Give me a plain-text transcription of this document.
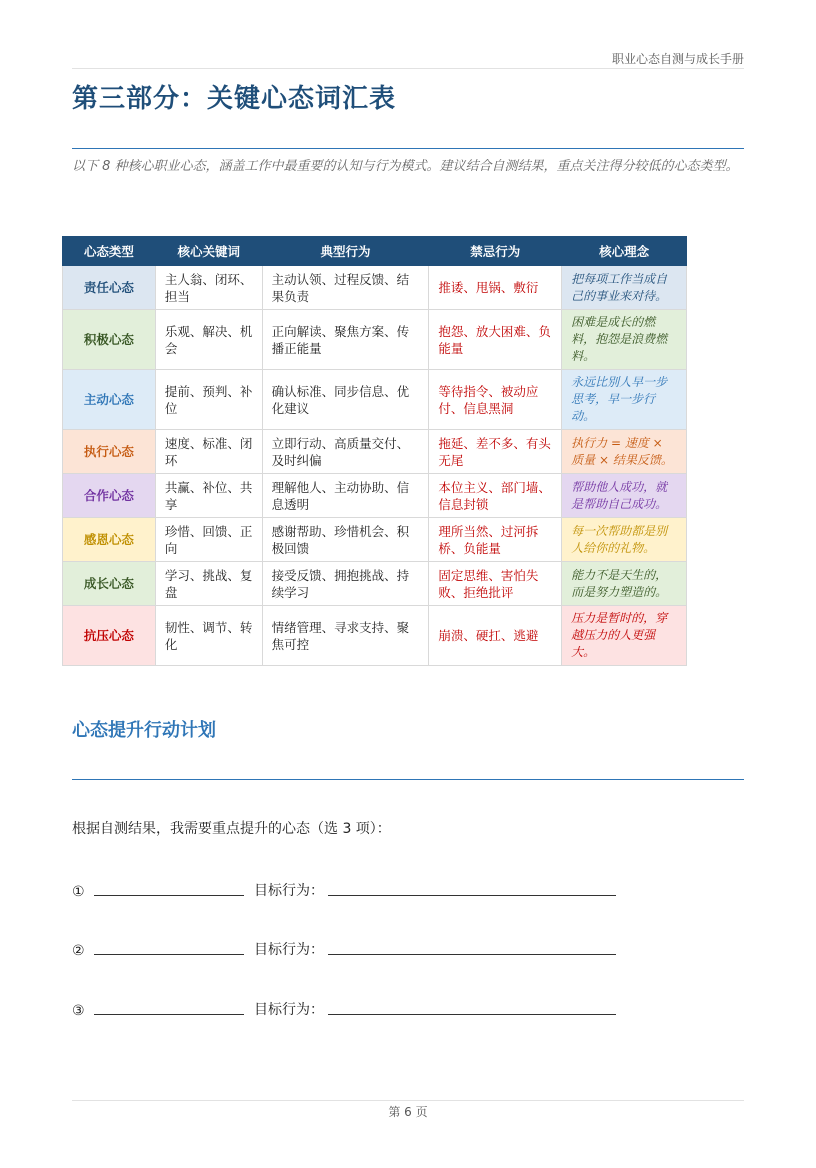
职业心态自测与成长手册
第三部分：关键心态词汇表

以下 8 种核心职业心态，涵盖工作中最重要的认知与行为模式。建议结合自测结果，重点关注得分较低的心态类型。

心态类型	核心关键词	典型行为	禁忌行为	核心理念
责任心态	主人翁、闭环、担当	主动认领、过程反馈、结果负责	推诿、甩锅、敷衍	把每项工作当成自己的事业来对待。
积极心态	乐观、解决、机会	正向解读、聚焦方案、传播正能量	抱怨、放大困难、负能量	困难是成长的燃料，抱怨是浪费燃料。
主动心态	提前、预判、补位	确认标准、同步信息、优化建议	等待指令、被动应付、信息黑洞	永远比别人早一步思考，早一步行动。
执行心态	速度、标准、闭环	立即行动、高质量交付、及时纠偏	拖延、差不多、有头无尾	执行力 = 速度 × 质量 × 结果反馈。
合作心态	共赢、补位、共享	理解他人、主动协助、信息透明	本位主义、部门墙、信息封锁	帮助他人成功，就是帮助自己成功。
感恩心态	珍惜、回馈、正向	感谢帮助、珍惜机会、积极回馈	理所当然、过河拆桥、负能量	每一次帮助都是别人给你的礼物。
成长心态	学习、挑战、复盘	接受反馈、拥抱挑战、持续学习	固定思维、害怕失败、拒绝批评	能力不是天生的，而是努力塑造的。
抗压心态	韧性、调节、转化	情绪管理、寻求支持、聚焦可控	崩溃、硬扛、逃避	压力是暂时的，穿越压力的人更强大。
心态提升行动计划

根据自测结果，我需要重点提升的心态（选 3 项）：

①	目标行为：
②	目标行为：
③	目标行为：
第 6 页
